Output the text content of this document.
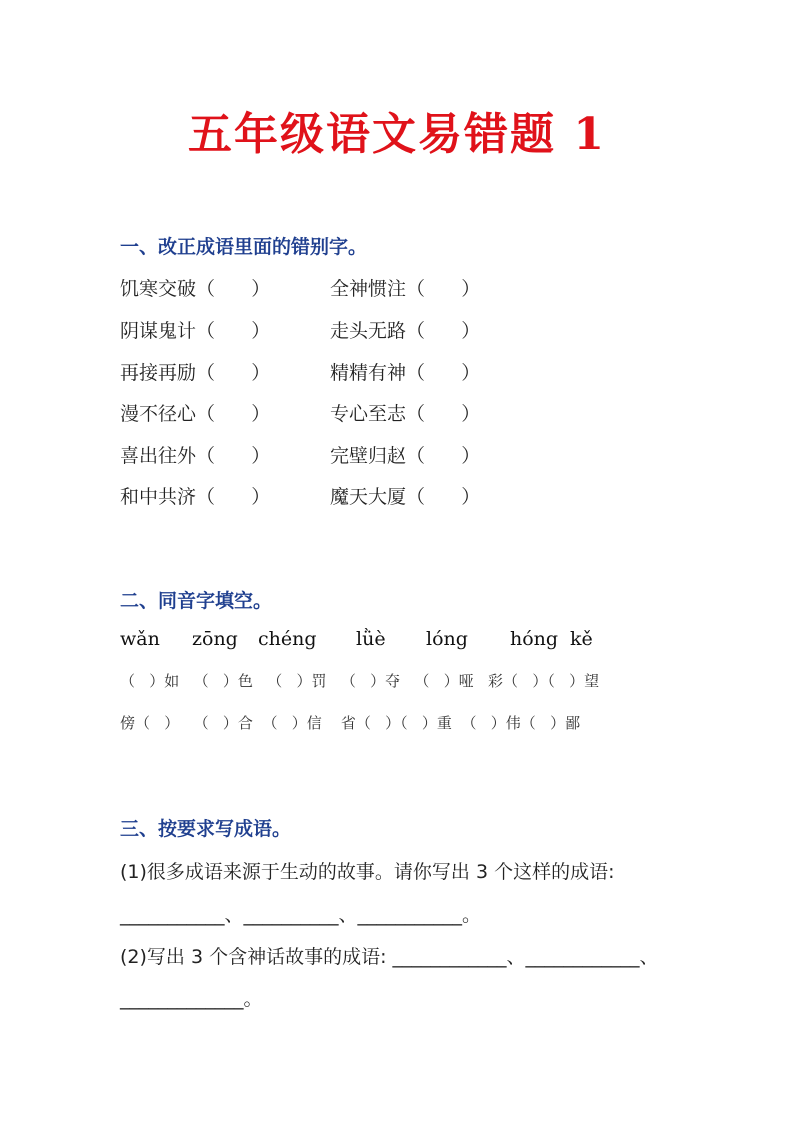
五年级语文易错题 1
一、改正成语里面的错别字。
饥寒交破（      ）	全神惯注（      ）
阴谋鬼计（      ）	走头无路（      ）
再接再励（      ）	精精有神（      ）
漫不径心（      ）	专心至志（      ）
喜出往外（      ）	完壁归赵（      ）
和中共济（      ）	魔天大厦（      ）
二、同音字填空。
wǎn zōng chéng lǜè lóng hóng kě
（   ）如   （   ）色   （   ）罚   （   ）夺   （   ）哑   彩（   ）（   ）望
傍（   ）   （   ）合  （   ）信    省（   ）（   ）重  （   ）伟（   ）鄙
三、按要求写成语。
(1)很多成语来源于生动的故事。请你写出 3 个这样的成语:
___________、__________、___________。
(2)写出 3 个含神话故事的成语: ____________、____________、
_____________。
